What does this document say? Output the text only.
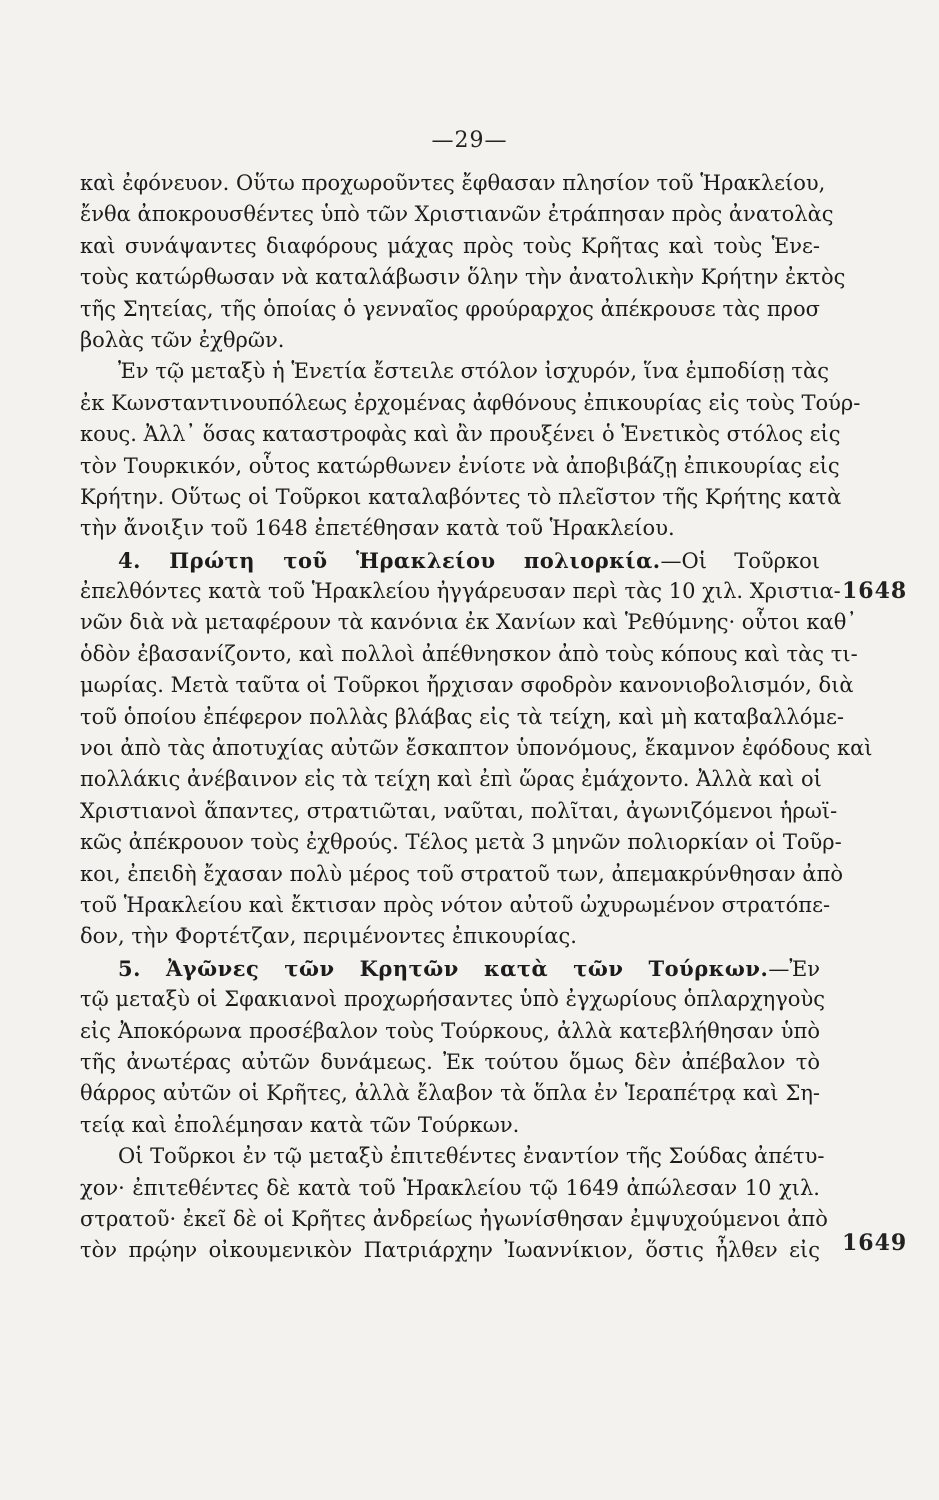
—29—
καὶ ἐφόνευον. Οὕτω προχωροῦντες ἔφθασαν πλησίον τοῦ Ἡρακλείου,
ἔνθα ἀποκρουσθέντες ὑπὸ τῶν Χριστιανῶν ἐτράπησαν πρὸς ἀνατολὰς
καὶ συνάψαντες διαφόρους μάχας πρὸς τοὺς Κρῆτας καὶ τοὺς Ἑνε-
τοὺς κατώρθωσαν νὰ καταλάβωσιν ὅλην τὴν ἀνατολικὴν Κρήτην ἐκτὸς
τῆς Σητείας, τῆς ὁποίας ὁ γενναῖος φρούραρχος ἀπέκρουσε τὰς προσ
βολὰς τῶν ἐχθρῶν.
Ἐν τῷ μεταξὺ ἡ Ἑνετία ἔστειλε στόλον ἰσχυρόν, ἵνα ἐμποδίσῃ τὰς
ἐκ Κωνσταντινουπόλεως ἐρχομένας ἀφθόνους ἐπικουρίας εἰς τοὺς Τούρ-
κους. Ἀλλ᾽ ὅσας καταστροφὰς καὶ ἂν προυξένει ὁ Ἑνετικὸς στόλος εἰς
τὸν Τουρκικόν, οὗτος κατώρθωνεν ἐνίοτε νὰ ἀποβιβάζῃ ἐπικουρίας εἰς
Κρήτην. Οὕτως οἱ Τοῦρκοι καταλαβόντες τὸ πλεῖστον τῆς Κρήτης κατὰ
τὴν ἄνοιξιν τοῦ 1648 ἐπετέθησαν κατὰ τοῦ Ἡρακλείου.
4. Πρώτη τοῦ Ἡρακλείου πολιορκία.—Οἱ Τοῦρκοι
ἐπελθόντες κατὰ τοῦ Ἡρακλείου ἠγγάρευσαν περὶ τὰς 10 χιλ. Χριστια-
νῶν διὰ νὰ μεταφέρουν τὰ κανόνια ἐκ Χανίων καὶ Ῥεθύμνης· οὗτοι καθ᾽
ὁδὸν ἐβασανίζοντο, καὶ πολλοὶ ἀπέθνησκον ἀπὸ τοὺς κόπους καὶ τὰς τι-
μωρίας. Μετὰ ταῦτα οἱ Τοῦρκοι ἤρχισαν σφοδρὸν κανονιοβολισμόν, διὰ
τοῦ ὁποίου ἐπέφερον πολλὰς βλάβας εἰς τὰ τείχη, καὶ μὴ καταβαλλόμε-
νοι ἀπὸ τὰς ἀποτυχίας αὐτῶν ἔσκαπτον ὑπονόμους, ἔκαμνον ἐφόδους καὶ
πολλάκις ἀνέβαινον εἰς τὰ τείχη καὶ ἐπὶ ὥρας ἐμάχοντο. Ἀλλὰ καὶ οἱ
Χριστιανοὶ ἅπαντες, στρατιῶται, ναῦται, πολῖται, ἀγωνιζόμενοι ἡρωϊ-
κῶς ἀπέκρουον τοὺς ἐχθρούς. Τέλος μετὰ 3 μηνῶν πολιορκίαν οἱ Τοῦρ-
κοι, ἐπειδὴ ἔχασαν πολὺ μέρος τοῦ στρατοῦ των, ἀπεμακρύνθησαν ἀπὸ
τοῦ Ἡρακλείου καὶ ἔκτισαν πρὸς νότον αὐτοῦ ὠχυρωμένον στρατόπε-
δον, τὴν Φορτέτζαν, περιμένοντες ἐπικουρίας.
5. Ἀγῶνες τῶν Κρητῶν κατὰ τῶν Τούρκων.—Ἐν
τῷ μεταξὺ οἱ Σφακιανοὶ προχωρήσαντες ὑπὸ ἐγχωρίους ὁπλαρχηγοὺς
εἰς Ἀποκόρωνα προσέβαλον τοὺς Τούρκους, ἀλλὰ κατεβλήθησαν ὑπὸ
τῆς ἀνωτέρας αὐτῶν δυνάμεως. Ἐκ τούτου ὅμως δὲν ἀπέβαλον τὸ
θάρρος αὐτῶν οἱ Κρῆτες, ἀλλὰ ἔλαβον τὰ ὅπλα ἐν Ἱεραπέτρᾳ καὶ Ση-
τείᾳ καὶ ἐπολέμησαν κατὰ τῶν Τούρκων.
Οἱ Τοῦρκοι ἐν τῷ μεταξὺ ἐπιτεθέντες ἐναντίον τῆς Σούδας ἀπέτυ-
χον· ἐπιτεθέντες δὲ κατὰ τοῦ Ἡρακλείου τῷ 1649 ἀπώλεσαν 10 χιλ.
στρατοῦ· ἐκεῖ δὲ οἱ Κρῆτες ἀνδρείως ἠγωνίσθησαν ἐμψυχούμενοι ἀπὸ
τὸν πρῴην οἰκουμενικὸν Πατριάρχην Ἰωαννίκιον, ὅστις ἦλθεν εἰς
1648
1649
